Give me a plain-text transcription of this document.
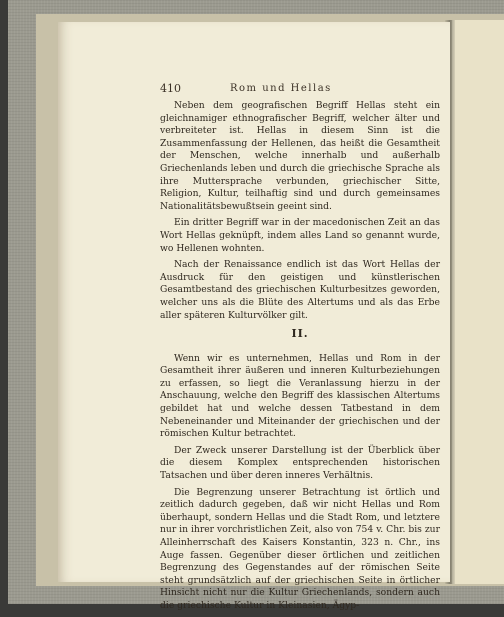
410	Rom und Hellas

Neben dem geografischen Begriff Hellas steht ein gleichnamiger ethnografischer Begriff, welcher älter und verbreiteter ist. Hellas in diesem Sinn ist die Zusammenfassung der Hellenen, das heißt die Gesamtheit der Menschen, welche innerhalb und außerhalb Griechenlands leben und durch die griechische Sprache als ihre Muttersprache verbunden, griechischer Sitte, Religion, Kultur, teilhaftig sind und durch gemeinsames Nationalitätsbewußtsein geeint sind.

Ein dritter Begriff war in der macedonischen Zeit an das Wort Hellas geknüpft, indem alles Land so genannt wurde, wo Hellenen wohnten.

Nach der Renaissance endlich ist das Wort Hellas der Ausdruck für den geistigen und künstlerischen Gesamtbestand des griechischen Kulturbesitzes geworden, welcher uns als die Blüte des Altertums und als das Erbe aller späteren Kulturvölker gilt.

II.

Wenn wir es unternehmen, Hellas und Rom in der Gesamtheit ihrer äußeren und inneren Kulturbeziehungen zu erfassen, so liegt die Veranlassung hierzu in der Anschauung, welche den Begriff des klassischen Altertums gebildet hat und welche dessen Tatbestand in dem Nebeneinander und Miteinander der griechischen und der römischen Kultur betrachtet.

Der Zweck unserer Darstellung ist der Überblick über die diesem Komplex entsprechenden historischen Tatsachen und über deren inneres Verhältnis.

Die Begrenzung unserer Betrachtung ist örtlich und zeitlich dadurch gegeben, daß wir nicht Hellas und Rom überhaupt, sondern Hellas und die Stadt Rom, und letztere nur in ihrer vorchristlichen Zeit, also von 754 v. Chr. bis zur Alleinherrschaft des Kaisers Konstantin, 323 n. Chr., ins Auge fassen. Gegenüber dieser örtlichen und zeitlichen Begrenzung des Gegenstandes auf der römischen Seite steht grundsätzlich auf der griechischen Seite in örtlicher Hinsicht nicht nur die Kultur Griechenlands, sondern auch die griechische Kultur in Kleinasien, Ägyp-
